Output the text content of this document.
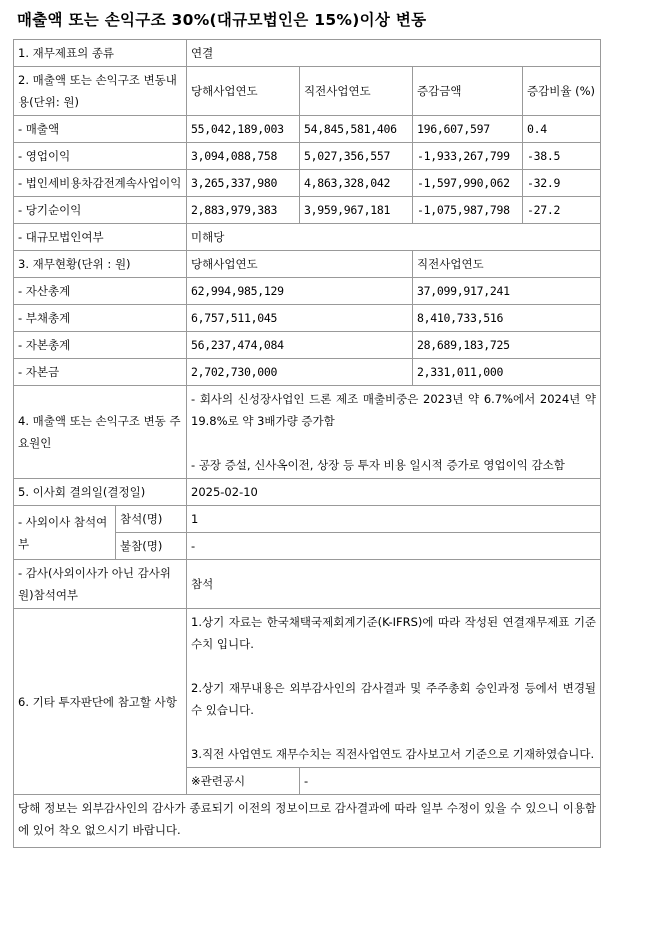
매출액 또는 손익구조 30%(대규모법인은 15%)이상 변동
1. 재무제표의 종류		연결			
2. 매출액 또는 손익구조 변동내용(단위: 원)		당해사업연도	직전사업연도	증감금액	증감비율 (%)
- 매출액		55,042,189,003	54,845,581,406	196,607,597	0.4
- 영업이익		3,094,088,758	5,027,356,557	-1,933,267,799	-38.5
- 법인세비용차감전계속사업이익		3,265,337,980	4,863,328,042	-1,597,990,062	-32.9
- 당기순이익		2,883,979,383	3,959,967,181	-1,075,987,798	-27.2
- 대규모법인여부		미해당			
3. 재무현황(단위 : 원)		당해사업연도		직전사업연도	
- 자산총계		62,994,985,129		37,099,917,241	
- 부채총계		6,757,511,045		8,410,733,516	
- 자본총계		56,237,474,084		28,689,183,725	
- 자본금		2,702,730,000		2,331,011,000	
4. 매출액 또는 손익구조 변동 주요원인		- 회사의 신성장사업인 드론 제조 매출비중은 2023년 약 6.7%에서 2024년 약 19.8%로 약 3배가량 증가함
- 공장 증설, 신사옥이전, 상장 등 투자 비용 일시적 증가로 영업이익 감소함			

5. 이사회 결의일(결정일)		2025-02-10			
- 사외이사 참석여부	참석(명)	1			
	불참(명)	-			
- 감사(사외이사가 아닌 감사위원)참석여부		참석			
6. 기타 투자판단에 참고할 사항		1.상기 자료는 한국채택국제회계기준(K-IFRS)에 따라 작성된 연결재무제표 기준 수치 입니다.
2.상기 재무내용은 외부감사인의 감사결과 및 주주총회 승인과정 등에서 변경될 수 있습니다.
3.직전 사업연도 재무수치는 직전사업연도 감사보고서 기준으로 기재하였습니다.			

		※관련공시	-		
당해 정보는 외부감사인의 감사가 종료되기 이전의 정보이므로 감사결과에 따라 일부 수정이 있을 수 있으니 이용함에 있어 착오 없으시기 바랍니다.					
